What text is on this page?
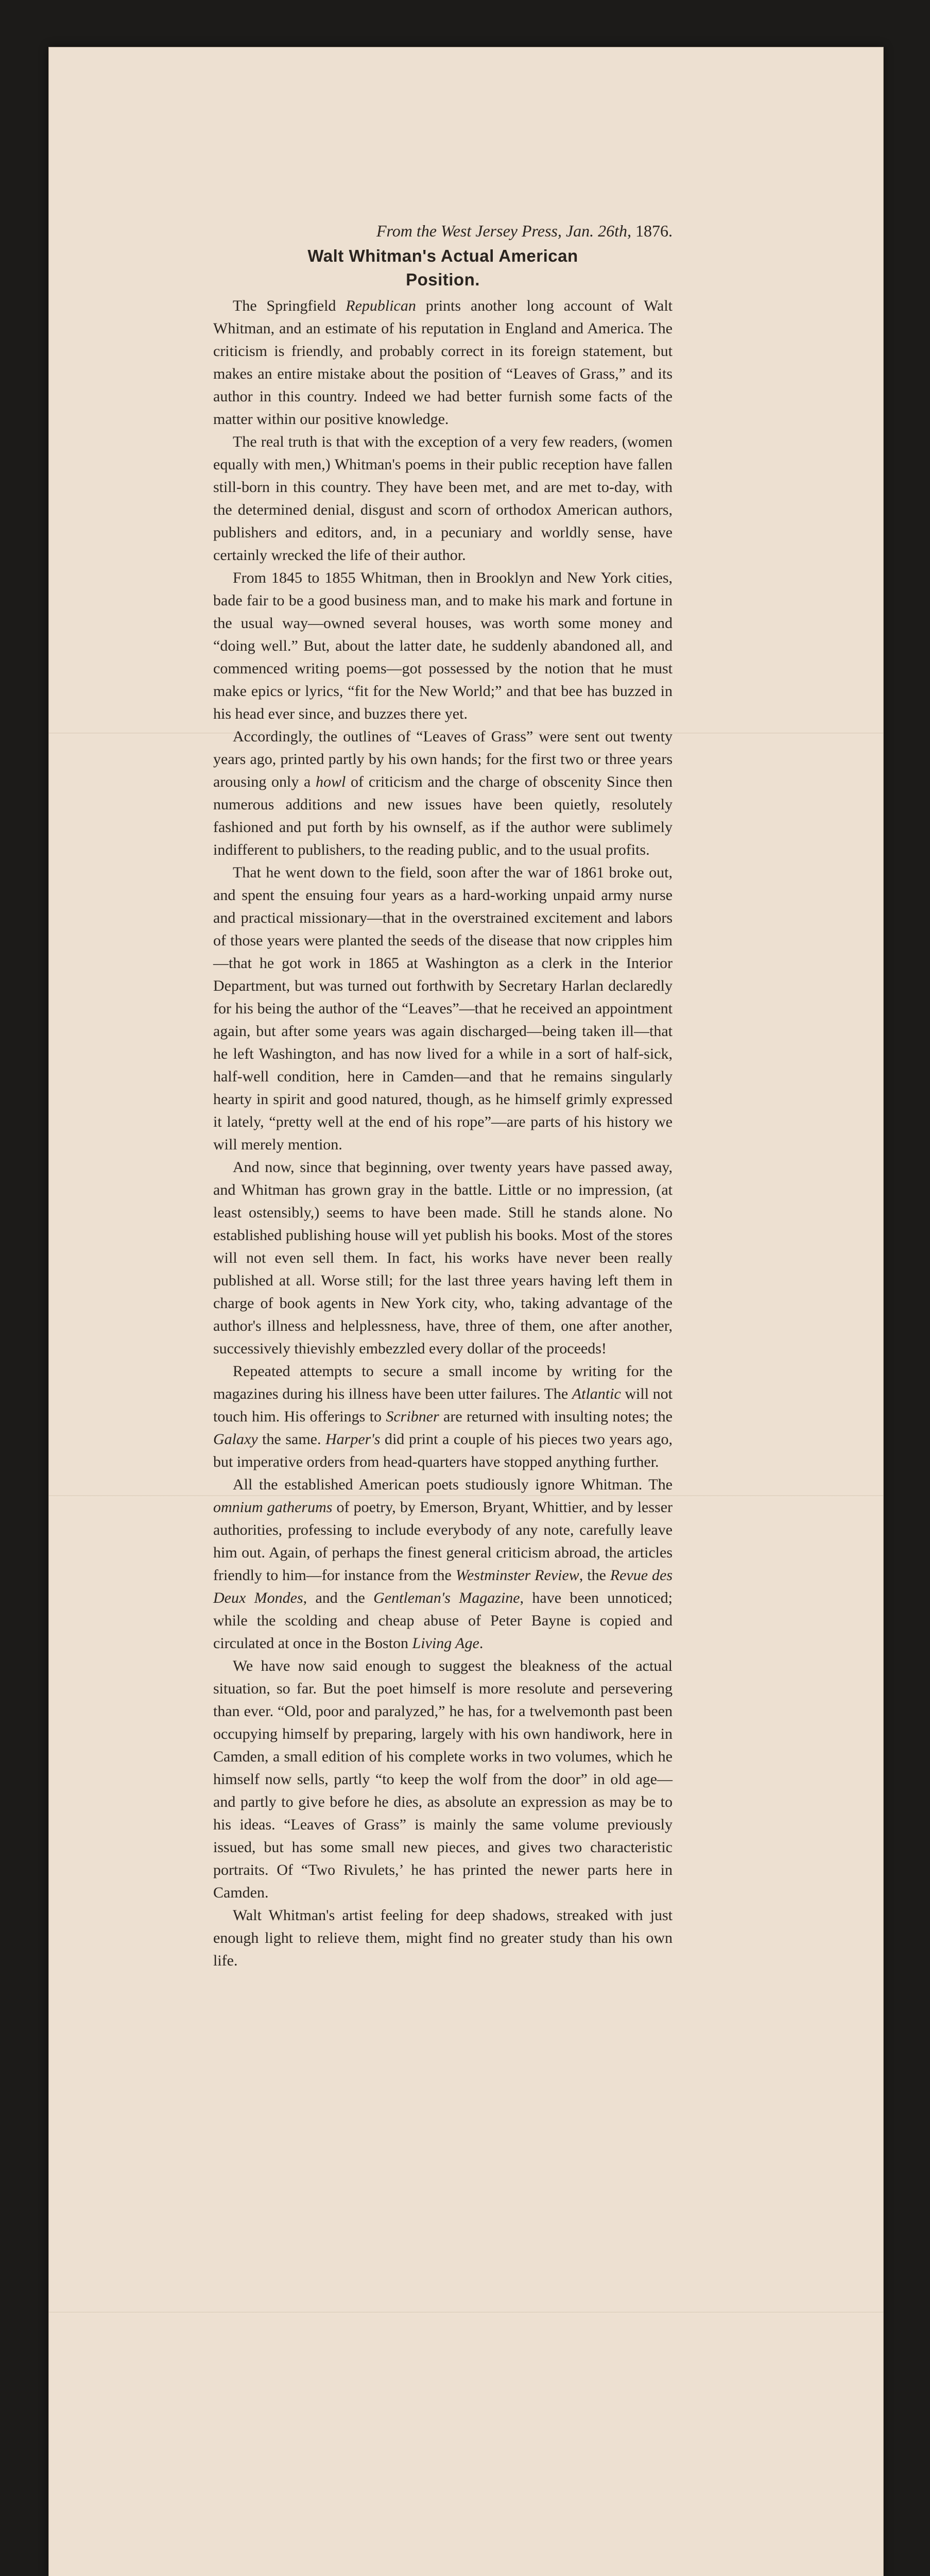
From the West Jersey Press, Jan. 26th, 1876.

Walt Whitman's Actual American
Position.

The Springfield Republican prints another long account of Walt Whitman, and an estimate of his reputation in England and America. The criticism is friendly, and probably correct in its foreign statement, but makes an entire mistake about the position of “Leaves of Grass,” and its author in this country. Indeed we had better furnish some facts of the matter within our positive knowledge.

The real truth is that with the exception of a very few readers, (women equally with men,) Whitman's poems in their public reception have fallen still-born in this country. They have been met, and are met to-day, with the determined denial, disgust and scorn of orthodox American authors, publishers and editors, and, in a pecuniary and worldly sense, have certainly wrecked the life of their author.

From 1845 to 1855 Whitman, then in Brooklyn and New York cities, bade fair to be a good business man, and to make his mark and fortune in the usual way—owned several houses, was worth some money and “doing well.” But, about the latter date, he suddenly abandoned all, and commenced writing poems—got possessed by the notion that he must make epics or lyrics, “fit for the New World;” and that bee has buzzed in his head ever since, and buzzes there yet.

Accordingly, the outlines of “Leaves of Grass” were sent out twenty years ago, printed partly by his own hands; for the first two or three years arousing only a howl of criticism and the charge of obscenity Since then numerous additions and new issues have been quietly, resolutely fashioned and put forth by his ownself, as if the author were sublimely indifferent to publishers, to the reading public, and to the usual profits.

That he went down to the field, soon after the war of 1861 broke out, and spent the ensuing four years as a hard-working unpaid army nurse and practical missionary—that in the overstrained excitement and labors of those years were planted the seeds of the disease that now cripples him—that he got work in 1865 at Washington as a clerk in the Interior Department, but was turned out forthwith by Secretary Harlan declaredly for his being the author of the “Leaves”—that he received an appointment again, but after some years was again discharged—being taken ill—that he left Washington, and has now lived for a while in a sort of half-sick, half-well condition, here in Camden—and that he remains singularly hearty in spirit and good natured, though, as he himself grimly expressed it lately, “pretty well at the end of his rope”—are parts of his history we will merely mention.

And now, since that beginning, over twenty years have passed away, and Whitman has grown gray in the battle. Little or no impression, (at least ostensibly,) seems to have been made. Still he stands alone. No established publishing house will yet publish his books. Most of the stores will not even sell them. In fact, his works have never been really published at all. Worse still; for the last three years having left them in charge of book agents in New York city, who, taking advantage of the author's illness and helplessness, have, three of them, one after another, successively thievishly embezzled every dollar of the proceeds!

Repeated attempts to secure a small income by writing for the magazines during his illness have been utter failures. The Atlantic will not touch him. His offerings to Scribner are returned with insulting notes; the Galaxy the same. Harper's did print a couple of his pieces two years ago, but imperative orders from head-quarters have stopped anything further.

All the established American poets studiously ignore Whitman. The omnium gatherums of poetry, by Emerson, Bryant, Whittier, and by lesser authorities, professing to include everybody of any note, carefully leave him out. Again, of perhaps the finest general criticism abroad, the articles friendly to him—for instance from the Westminster Review, the Revue des Deux Mondes, and the Gentleman's Magazine, have been unnoticed; while the scolding and cheap abuse of Peter Bayne is copied and circulated at once in the Boston Living Age.

We have now said enough to suggest the bleakness of the actual situation, so far. But the poet himself is more resolute and persevering than ever. “Old, poor and paralyzed,” he has, for a twelvemonth past been occupying himself by preparing, largely with his own handiwork, here in Camden, a small edition of his complete works in two volumes, which he himself now sells, partly “to keep the wolf from the door” in old age—and partly to give before he dies, as absolute an expression as may be to his ideas. “Leaves of Grass” is mainly the same volume previously issued, but has some small new pieces, and gives two characteristic portraits. Of “Two Rivulets,’ he has printed the newer parts here in Camden.

Walt Whitman's artist feeling for deep shadows, streaked with just enough light to relieve them, might find no greater study than his own life.
